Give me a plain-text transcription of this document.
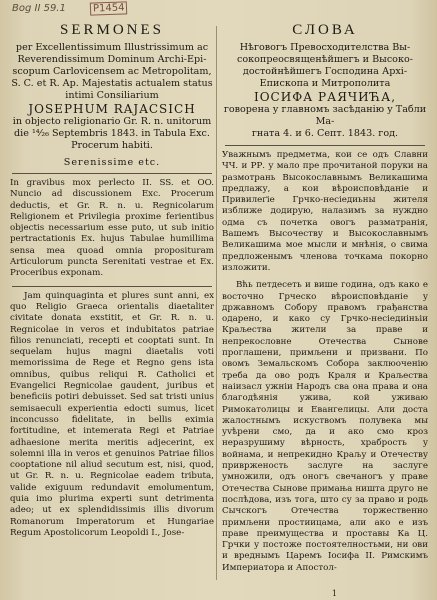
Bog II 59.1	P1454
SERMONES
per Excellentissimum Illustrissimum ac
Reverendissimum Dominum Archi-Epi-
scopum Carlovicensem ac Metropolitam,
S. C. et R. Ap. Majestatis actualem status
intimi Consiliarium
JOSEPHUM RAJACSICH
in objecto religionario Gr. R. n. unitorum
die ¹⁴⁄₂₆ Septembris 1843. in Tabula Exc.
Procerum habiti.
Serenissime etc.

In gravibus mox perlecto II. SS. et OO. Nuncio ad discussionem Exc. Procerum deductis, et Gr. R. n. u. Regnicolarum Religionem et Privilegia proxime ferientibus objectis necessarium esse puto, ut sub initio pertractationis Ex. hujus Tabulae humillima sensa mea quoad omnia proposituram Articulorum puncta Serenitati vestrae et Ex. Proceribus exponam.

Jam quinquaginta et plures sunt anni, ex quo Religio Graeca orientalis diaetaliter civitate donata exstitit, et Gr. R. n. u. Regnicolae in veros et indubitatos patriae filios renunciati, recepti et cooptati sunt. In sequelam hujus magni diaetalis voti memorissima de Rege et Regno gens ista omnibus, quibus reliqui R. Catholici et Evangelici Regnicolae gaudent, juribus et beneficiis potiri debuisset. Sed sat tristi unius semisaeculi experientia edocti sumus, licet inconcusso fidelitate, in bellis eximia fortitudine, et intemerata Regi et Patriae adhaesione merita meritis adjecerint, ex solemni illa in veros et genuinos Patriae filios cooptatione nil aliud secutum est, nisi, quod, ut Gr. R. n. u. Regnicolae eadem tributa, valide exiguum redundavit emolumentum, quia imo plurima experti sunt detrimenta adeo; ut ex splendidissimis illis divorum Romanorum Imperatorum et Hungariae Regum Apostolicorum Leopoldi I., Jose-

СЛОВА
Нѣговогъ Превосходителства Вы-
сокопреосвященѣйшегъ и Высоко-
достойнѣйшегъ Господина Архі-
Епископа и Митрополита
ІОСИФА РАЯЧИЋА,
говорена у главномъ засѣданію у Табли Ма-
гната 4. и 6. Септ. 1843. год.

Уважнымъ предметма, кои се одъ Славни ЧЧ. и РР. у мало пре прочитаной поруки на размотрань Высокославнымъ Великашима предлажу, а кои вѣроисповѣданіе и Привилеґіе Грчко-несіедиьны жителя изближе додирую, налазимъ за нуждно одма съ почетка овогъ разматранія, Вашемъ Высочеству и Высокославнымъ Великашима мое мысли и мнѣнія, о свима предложенымъ членова точкама покорно изложити.

Вћь петдесеть и вишe година, одъ како е восточно Грческо вѣроисповѣданіе у државномъ Собору правомъ грађанства одарено, и како су Грчко-несіедиіньіи Краљества жители за праве и непрекословне Отечества Сынове проглашени, примљени и призвани. По овомъ Земальскомъ Собора заклюоченію треба да ово родъ Краля и Краљества наіизасл ужнiи Народъ свa она права и она благодѣянія ужива, кой уживаю Римокатолицы и Евангелицы. Али доста жалостнымъ искуствомъ полувека мы уvѣрени смо, да и ако смо кроз неразрушиму вѣрность, храбрость у войнама, и непрекидно Краљу и Отечеству приврженость заслуге на заслуге умножили, одъ оногъ свечаногъ у праве Отечества Сынове примања ништа друго не послѣдова, изъ тога, што су за право и родь Сычскогъ Отечества торжественно примљени простиицама, али ако е изъ праве преимущества и проставы Ка Ц. Грчки у постоже постоятелностьми, ни ови и вреднымъ Царемъ Іосифа II. Римскимъ Империатора и Апостол-

1
